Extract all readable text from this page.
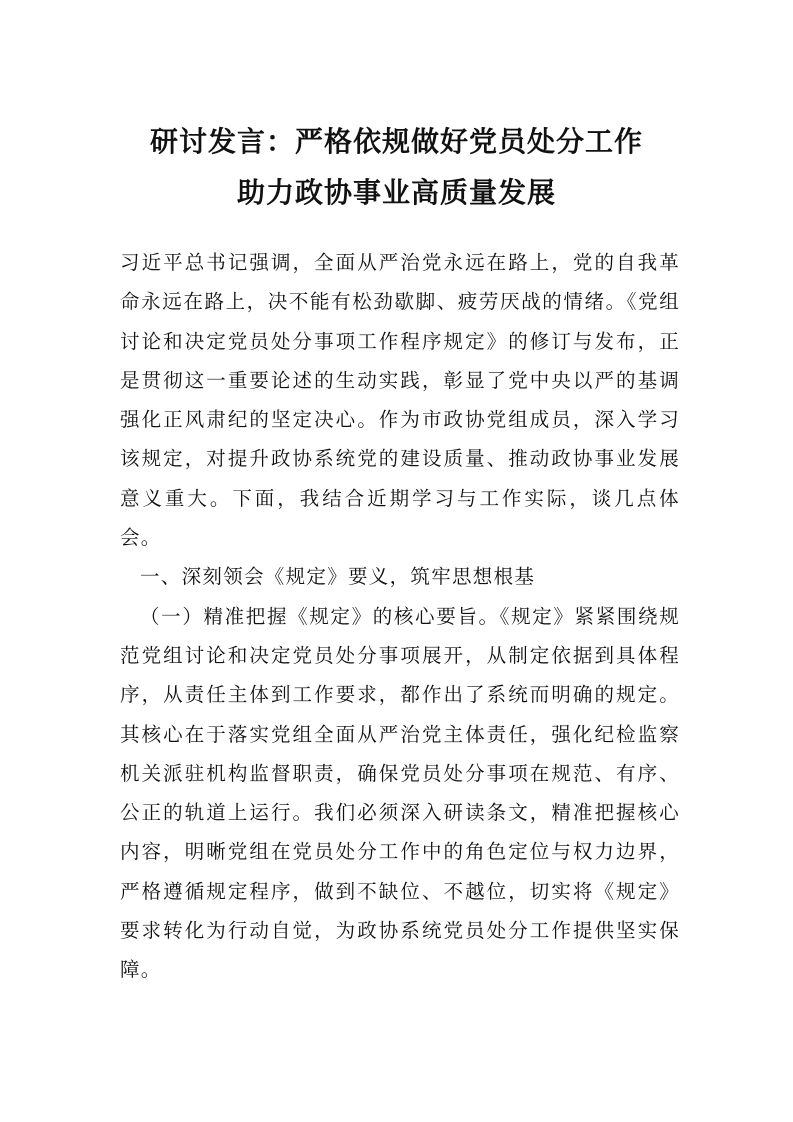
研讨发言：严格依规做好党员处分工作
助力政协事业高质量发展

习近平总书记强调，全面从严治党永远在路上，党的自我革命永远在路上，决不能有松劲歇脚、疲劳厌战的情绪。《党组讨论和决定党员处分事项工作程序规定》的修订与发布，正是贯彻这一重要论述的生动实践，彰显了党中央以严的基调强化正风肃纪的坚定决心。作为市政协党组成员，深入学习该规定，对提升政协系统党的建设质量、推动政协事业发展意义重大。下面，我结合近期学习与工作实际，谈几点体会。

一、深刻领会《规定》要义，筑牢思想根基

（一）精准把握《规定》的核心要旨。《规定》紧紧围绕规范党组讨论和决定党员处分事项展开，从制定依据到具体程序，从责任主体到工作要求，都作出了系统而明确的规定。其核心在于落实党组全面从严治党主体责任，强化纪检监察机关派驻机构监督职责，确保党员处分事项在规范、有序、公正的轨道上运行。我们必须深入研读条文，精准把握核心内容，明晰党组在党员处分工作中的角色定位与权力边界，严格遵循规定程序，做到不缺位、不越位，切实将《规定》要求转化为行动自觉，为政协系统党员处分工作提供坚实保障。
